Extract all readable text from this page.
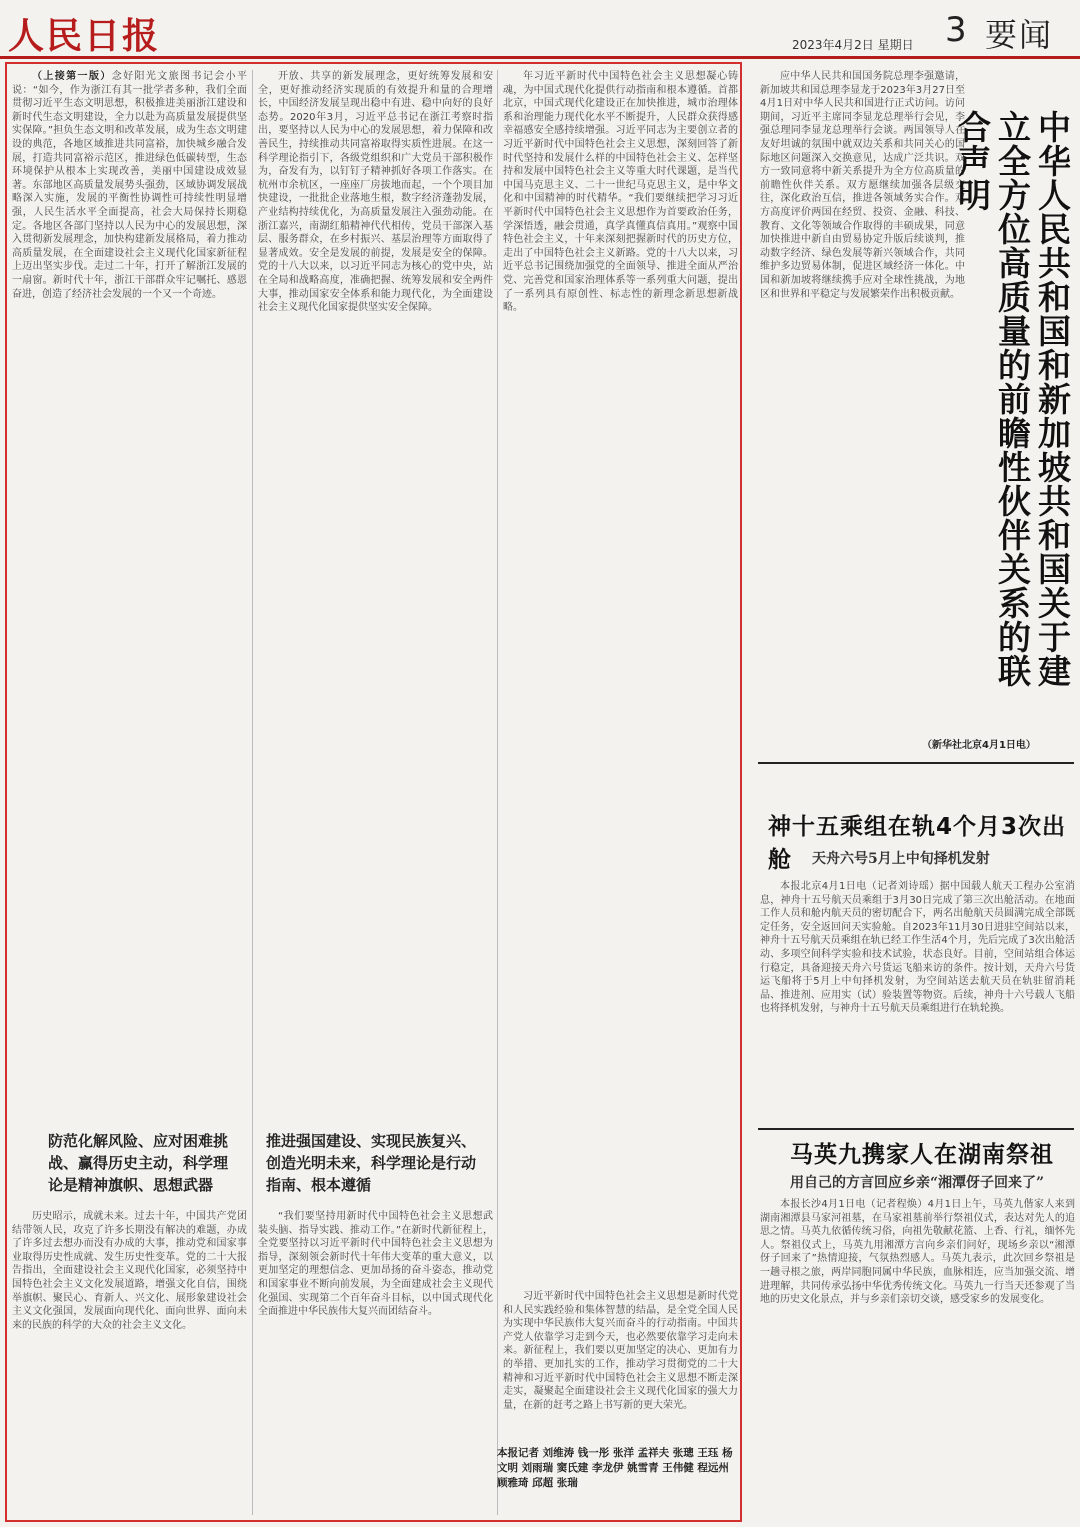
人民日报	2023年4月2日 星期日 3 要闻

（上接第一版）念好阳光文旅图书记会小平说：“如今，作为浙江有其一批学者多种，我们全面贯彻习近平生态文明思想，积极推进美丽浙江建设和新时代生态文明建设，全力以赴为高质量发展提供坚实保障。”担负生态文明和改革发展，成为生态文明建设的典范，各地区域推进共同富裕，加快城乡融合发展，打造共同富裕示范区，推进绿色低碳转型，生态环境保护从根本上实现改善，美丽中国建设成效显著。东部地区高质量发展势头强劲，区域协调发展战略深入实施，发展的平衡性协调性可持续性明显增强，人民生活水平全面提高，社会大局保持长期稳定。各地区各部门坚持以人民为中心的发展思想，深入贯彻新发展理念，加快构建新发展格局，着力推动高质量发展，在全面建设社会主义现代化国家新征程上迈出坚实步伐。走过二十年，打开了解浙江发展的一扇窗。新时代十年，浙江干部群众牢记嘱托、感恩奋进，创造了经济社会发展的一个又一个奇迹。

开放、共享的新发展理念，更好统筹发展和安全，更好推动经济实现质的有效提升和量的合理增长，中国经济发展呈现出稳中有进、稳中向好的良好态势。2020年3月，习近平总书记在浙江考察时指出，要坚持以人民为中心的发展思想，着力保障和改善民生，持续推动共同富裕取得实质性进展。在这一科学理论指引下，各级党组织和广大党员干部积极作为，奋发有为，以钉钉子精神抓好各项工作落实。在杭州市余杭区，一座座厂房拔地而起，一个个项目加快建设，一批批企业落地生根，数字经济蓬勃发展，产业结构持续优化，为高质量发展注入强劲动能。在浙江嘉兴，南湖红船精神代代相传，党员干部深入基层、服务群众，在乡村振兴、基层治理等方面取得了显著成效。安全是发展的前提，发展是安全的保障。党的十八大以来，以习近平同志为核心的党中央，站在全局和战略高度，准确把握、统筹发展和安全两件大事，推动国家安全体系和能力现代化，为全面建设社会主义现代化国家提供坚实安全保障。

年习近平新时代中国特色社会主义思想凝心铸魂，为中国式现代化提供行动指南和根本遵循。首都北京，中国式现代化建设正在加快推进，城市治理体系和治理能力现代化水平不断提升，人民群众获得感幸福感安全感持续增强。习近平同志为主要创立者的习近平新时代中国特色社会主义思想，深刻回答了新时代坚持和发展什么样的中国特色社会主义、怎样坚持和发展中国特色社会主义等重大时代课题，是当代中国马克思主义、二十一世纪马克思主义，是中华文化和中国精神的时代精华。“我们要继续把学习习近平新时代中国特色社会主义思想作为首要政治任务，学深悟透，融会贯通，真学真懂真信真用。”观察中国特色社会主义，十年来深刻把握新时代的历史方位，走出了中国特色社会主义新路。党的十八大以来，习近平总书记围绕加强党的全面领导、推进全面从严治党、完善党和国家治理体系等一系列重大问题，提出了一系列具有原创性、标志性的新理念新思想新战略。

防范化解风险、应对困难挑战、赢得历史主动，科学理论是精神旗帜、思想武器
推进强国建设、实现民族复兴、创造光明未来，科学理论是行动指南、根本遵循

历史昭示，成就未来。过去十年，中国共产党团结带领人民，攻克了许多长期没有解决的难题，办成了许多过去想办而没有办成的大事，推动党和国家事业取得历史性成就、发生历史性变革。党的二十大报告指出，全面建设社会主义现代化国家，必须坚持中国特色社会主义文化发展道路，增强文化自信，围绕举旗帜、聚民心、育新人、兴文化、展形象建设社会主义文化强国，发展面向现代化、面向世界、面向未来的民族的科学的大众的社会主义文化。

“我们要坚持用新时代中国特色社会主义思想武装头脑、指导实践、推动工作。”在新时代新征程上，全党要坚持以习近平新时代中国特色社会主义思想为指导，深刻领会新时代十年伟大变革的重大意义，以更加坚定的理想信念、更加昂扬的奋斗姿态，推动党和国家事业不断向前发展，为全面建成社会主义现代化强国、实现第二个百年奋斗目标，以中国式现代化全面推进中华民族伟大复兴而团结奋斗。

本报记者 刘维涛 钱一彤 张洋 孟祥夫 张璁 王珏 杨文明 刘雨瑞 窦氏建 李龙伊 姚雪青 王伟健 程远州 顾雅琦 邱超 张瑞

习近平新时代中国特色社会主义思想是新时代党和人民实践经验和集体智慧的结晶，是全党全国人民为实现中华民族伟大复兴而奋斗的行动指南。中国共产党人依靠学习走到今天，也必然要依靠学习走向未来。新征程上，我们要以更加坚定的决心、更加有力的举措、更加扎实的工作，推动学习贯彻党的二十大精神和习近平新时代中国特色社会主义思想不断走深走实，凝聚起全面建设社会主义现代化国家的强大力量，在新的赶考之路上书写新的更大荣光。

应中华人民共和国国务院总理李强邀请，新加坡共和国总理李显龙于2023年3月27日至4月1日对中华人民共和国进行正式访问。访问期间，习近平主席同李显龙总理举行会见，李强总理同李显龙总理举行会谈。两国领导人在友好坦诚的氛围中就双边关系和共同关心的国际地区问题深入交换意见，达成广泛共识。双方一致同意将中新关系提升为全方位高质量的前瞻性伙伴关系。双方愿继续加强各层级交往，深化政治互信，推进各领域务实合作。双方高度评价两国在经贸、投资、金融、科技、教育、文化等领域合作取得的丰硕成果，同意加快推进中新自由贸易协定升版后续谈判，推动数字经济、绿色发展等新兴领域合作，共同维护多边贸易体制，促进区域经济一体化。中国和新加坡将继续携手应对全球性挑战，为地区和世界和平稳定与发展繁荣作出积极贡献。	中华人民共和国和新加坡共和国关于建立全方位高质量的前瞻性伙伴关系的联合声明
（新华社北京4月1日电）
神十五乘组在轨4个月3次出舱	天舟六号5月上中旬择机发射

本报北京4月1日电（记者刘诗瑶）据中国载人航天工程办公室消息，神舟十五号航天员乘组于3月30日完成了第三次出舱活动。在地面工作人员和舱内航天员的密切配合下，两名出舱航天员圆满完成全部既定任务，安全返回问天实验舱。自2023年11月30日进驻空间站以来，神舟十五号航天员乘组在轨已经工作生活4个月，先后完成了3次出舱活动、多项空间科学实验和技术试验，状态良好。目前，空间站组合体运行稳定，具备迎接天舟六号货运飞船来访的条件。按计划，天舟六号货运飞船将于5月上中旬择机发射，为空间站送去航天员在轨驻留消耗品、推进剂、应用实（试）验装置等物资。后续，神舟十六号载人飞船也将择机发射，与神舟十五号航天员乘组进行在轨轮换。

马英九携家人在湖南祭祖
用自己的方言回应乡亲“湘潭伢子回来了”

本报长沙4月1日电（记者程焕）4月1日上午，马英九偕家人来到湖南湘潭县马家河祖墓，在马家祖墓前举行祭祖仪式，表达对先人的追思之情。马英九依循传统习俗，向祖先敬献花篮、上香、行礼，缅怀先人。祭祖仪式上，马英九用湘潭方言向乡亲们问好，现场乡亲以“湘潭伢子回来了”热情迎接，气氛热烈感人。马英九表示，此次回乡祭祖是一趟寻根之旅，两岸同胞同属中华民族，血脉相连，应当加强交流、增进理解，共同传承弘扬中华优秀传统文化。马英九一行当天还参观了当地的历史文化景点，并与乡亲们亲切交谈，感受家乡的发展变化。
